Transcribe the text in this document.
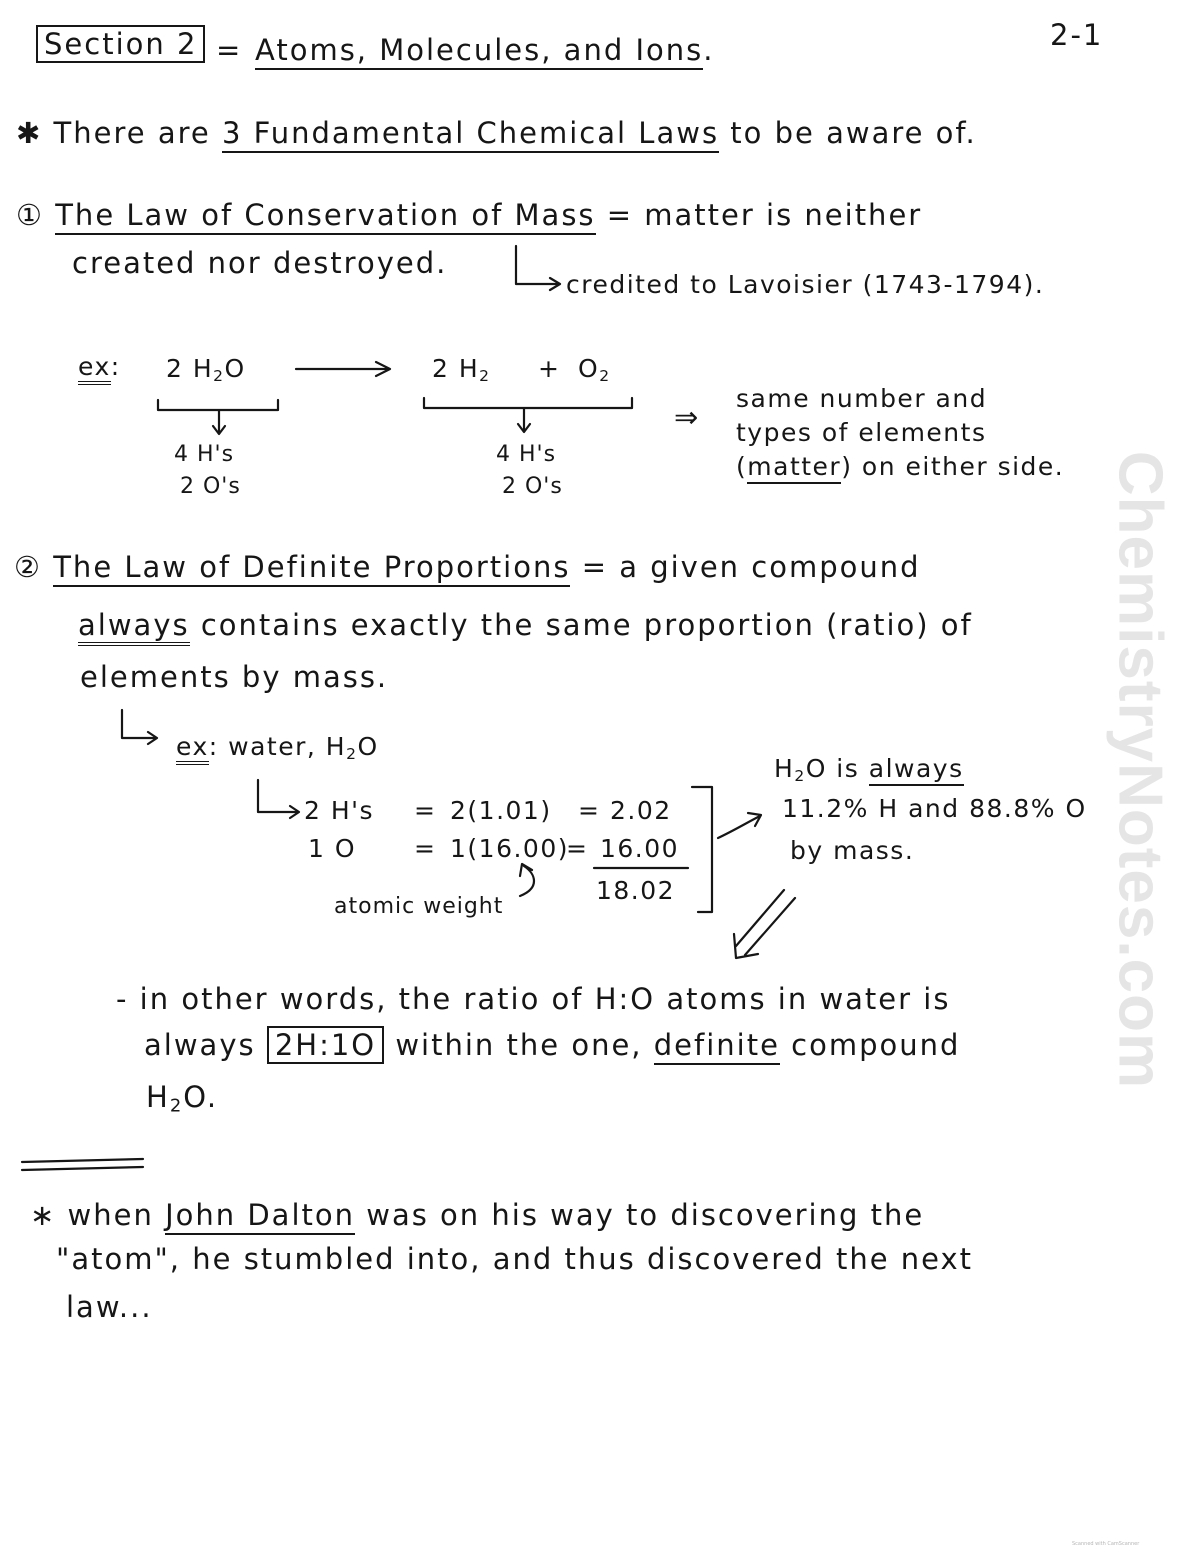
ChemistryNotes.com
Section 2 = Atoms, Molecules, and Ions.	2-1
✱ There are 3 Fundamental Chemical Laws to be aware of.
① The Law of Conservation of Mass = matter is neither
created nor destroyed.
credited to Lavoisier (1743-1794).
ex: 2 $H_2O$	2 $H_2 + O_2$
4 H's
2 O's
4 H's
2 O's
⇒
same number and
types of elements
(matter) on either side.
② The Law of Definite Proportions = a given compound
always contains exactly the same proportion (ratio) of
elements by mass.
ex: water, $H_2O$
2 H's = 2(1.01) = 2.02
1 O = 1(16.00)
= 16.00
18.02
atomic weight
$H_2O$ is always
11.2% H and 88.8% O
by mass.
- in other words, the ratio of H:O atoms in water is
always 2H:1O within the one, definite compound
$H_2O$.
∗ when John Dalton was on his way to discovering the
"atom", he stumbled into, and thus discovered the next
law...
Scanned with CamScanner
